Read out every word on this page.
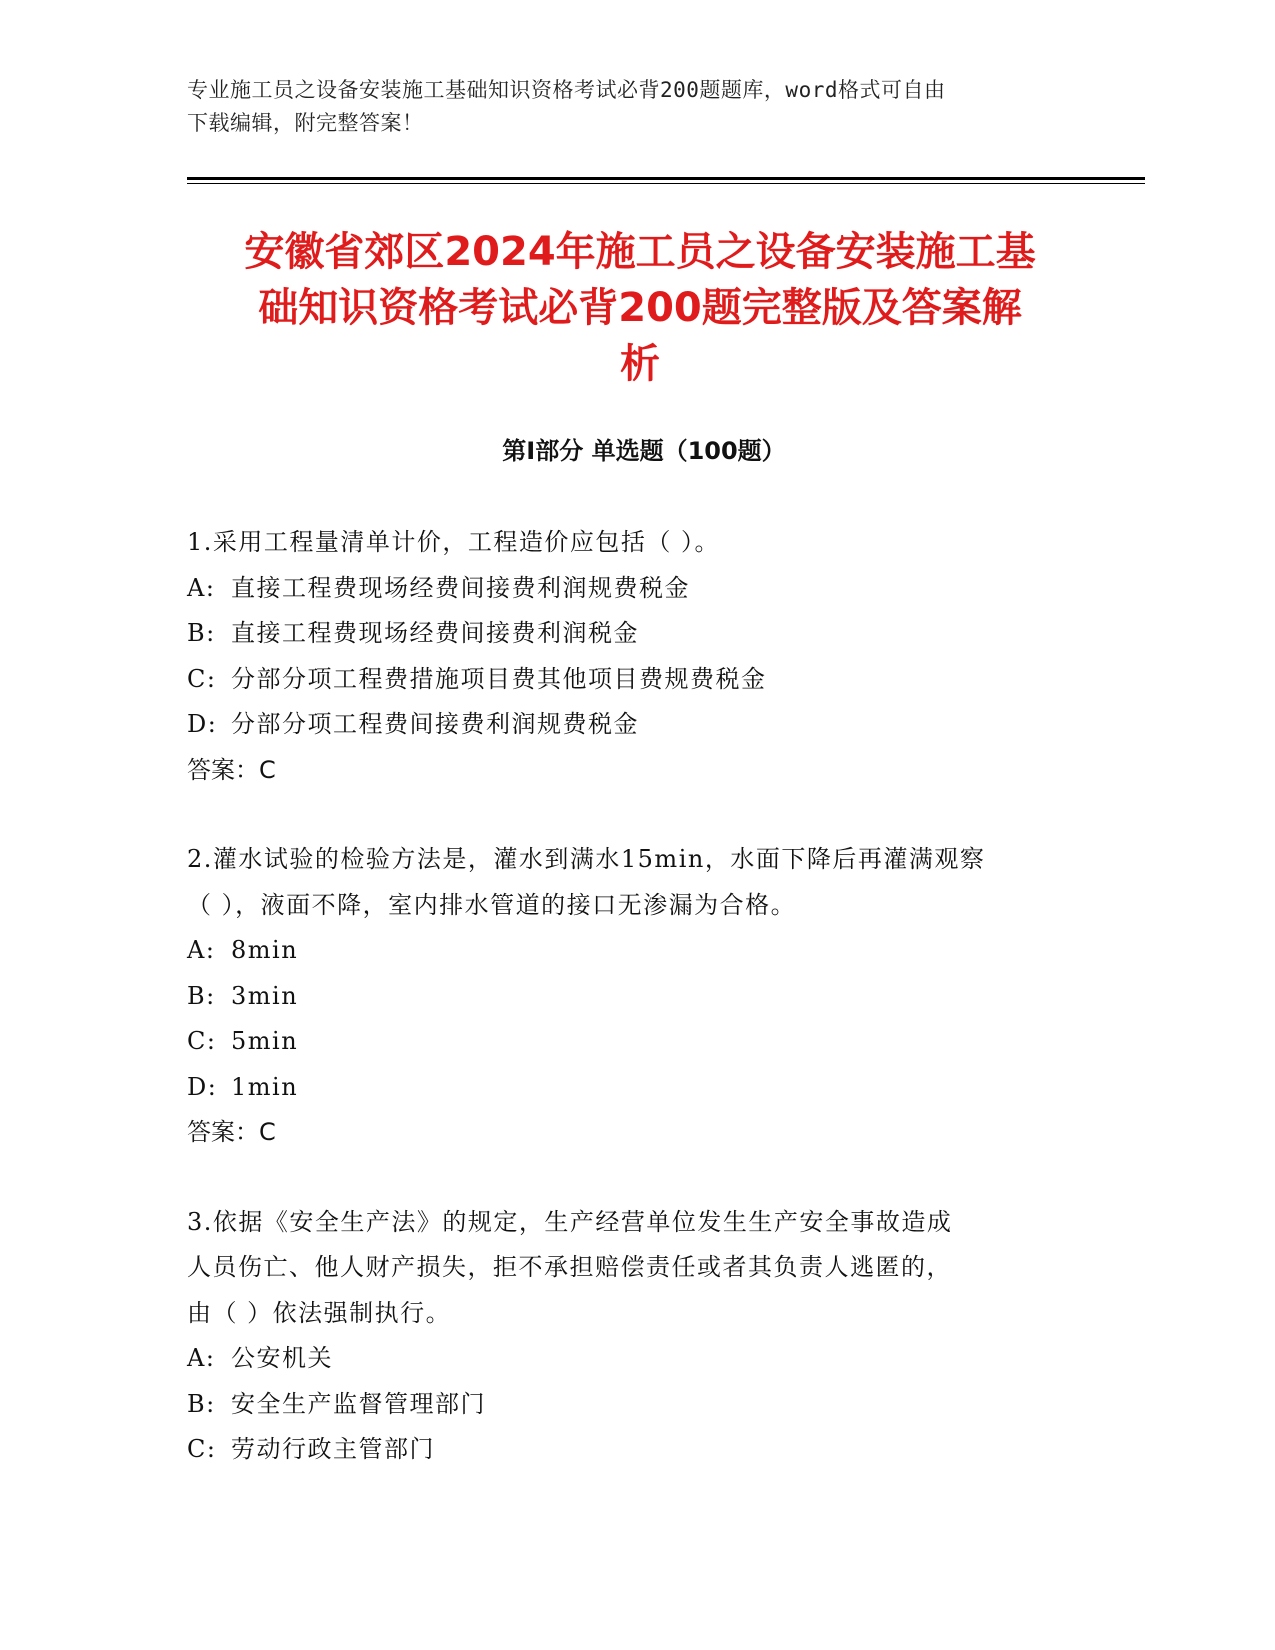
专业施工员之设备安装施工基础知识资格考试必背200题题库，word格式可自由
下载编辑，附完整答案！
安徽省郊区2024年施工员之设备安装施工基
础知识资格考试必背200题完整版及答案解
析
第Ⅰ部分 单选题（100题）
1.采用工程量清单计价，工程造价应包括（ ）。
A: 直接工程费现场经费间接费利润规费税金
B: 直接工程费现场经费间接费利润税金
C: 分部分项工程费措施项目费其他项目费规费税金
D: 分部分项工程费间接费利润规费税金
答案：C
2.灌水试验的检验方法是，灌水到满水15min，水面下降后再灌满观察
（ ），液面不降，室内排水管道的接口无渗漏为合格。
A: 8min
B: 3min
C: 5min
D: 1min
答案：C
3.依据《安全生产法》的规定，生产经营单位发生生产安全事故造成
人员伤亡、他人财产损失，拒不承担赔偿责任或者其负责人逃匿的，
由（ ）依法强制执行。
A: 公安机关
B: 安全生产监督管理部门
C: 劳动行政主管部门
